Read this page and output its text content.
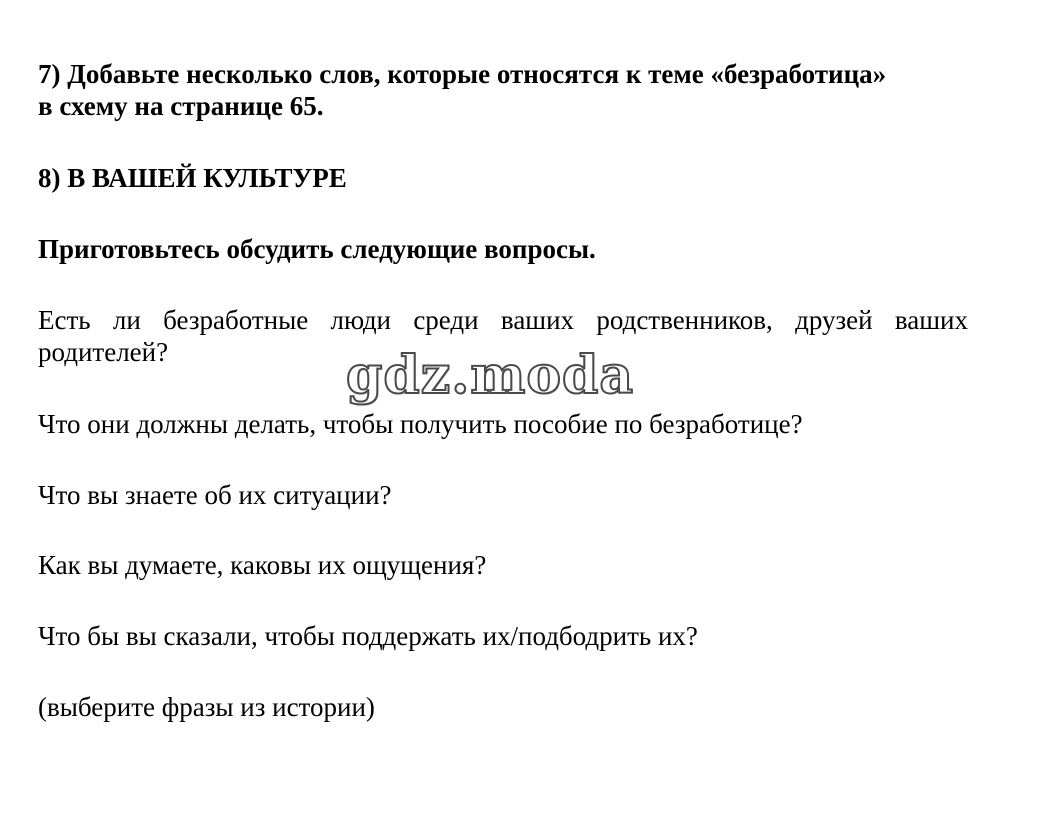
7) Добавьте несколько слов, которые относятся к теме «безработица»
в схему на странице 65.
8) В ВАШЕЙ КУЛЬТУРЕ
Приготовьтесь обсудить следующие вопросы.
Есть ли безработные люди среди ваших родственников, друзей ваших
родителей?
Что они должны делать, чтобы получить пособие по безработице?
Что вы знаете об их ситуации?
Как вы думаете, каковы их ощущения?
Что бы вы сказали, чтобы поддержать их/подбодрить их?
(выберите фразы из истории)
gdz.moda
